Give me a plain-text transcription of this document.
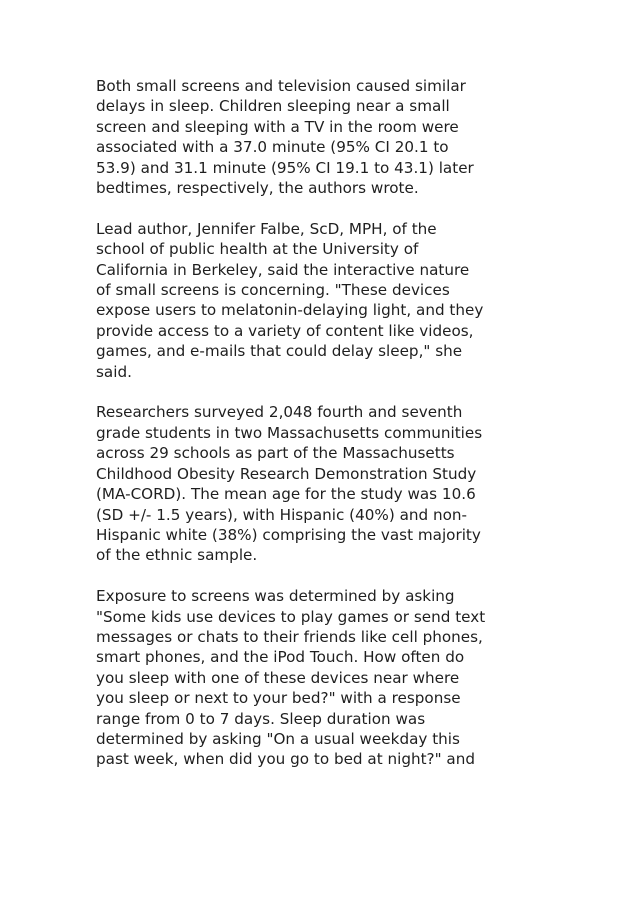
Both small screens and television caused similar
delays in sleep. Children sleeping near a small
screen and sleeping with a TV in the room were
associated with a 37.0 minute (95% CI 20.1 to
53.9) and 31.1 minute (95% CI 19.1 to 43.1) later
bedtimes, respectively, the authors wrote.

Lead author, Jennifer Falbe, ScD, MPH, of the
school of public health at the University of
California in Berkeley, said the interactive nature
of small screens is concerning. "These devices
expose users to melatonin-delaying light, and they
provide access to a variety of content like videos,
games, and e-mails that could delay sleep," she
said.

Researchers surveyed 2,048 fourth and seventh
grade students in two Massachusetts communities
across 29 schools as part of the Massachusetts
Childhood Obesity Research Demonstration Study
(MA-CORD). The mean age for the study was 10.6
(SD +/- 1.5 years), with Hispanic (40%) and non-
Hispanic white (38%) comprising the vast majority
of the ethnic sample.

Exposure to screens was determined by asking
"Some kids use devices to play games or send text
messages or chats to their friends like cell phones,
smart phones, and the iPod Touch. How often do
you sleep with one of these devices near where
you sleep or next to your bed?" with a response
range from 0 to 7 days. Sleep duration was
determined by asking "On a usual weekday this
past week, when did you go to bed at night?" and
